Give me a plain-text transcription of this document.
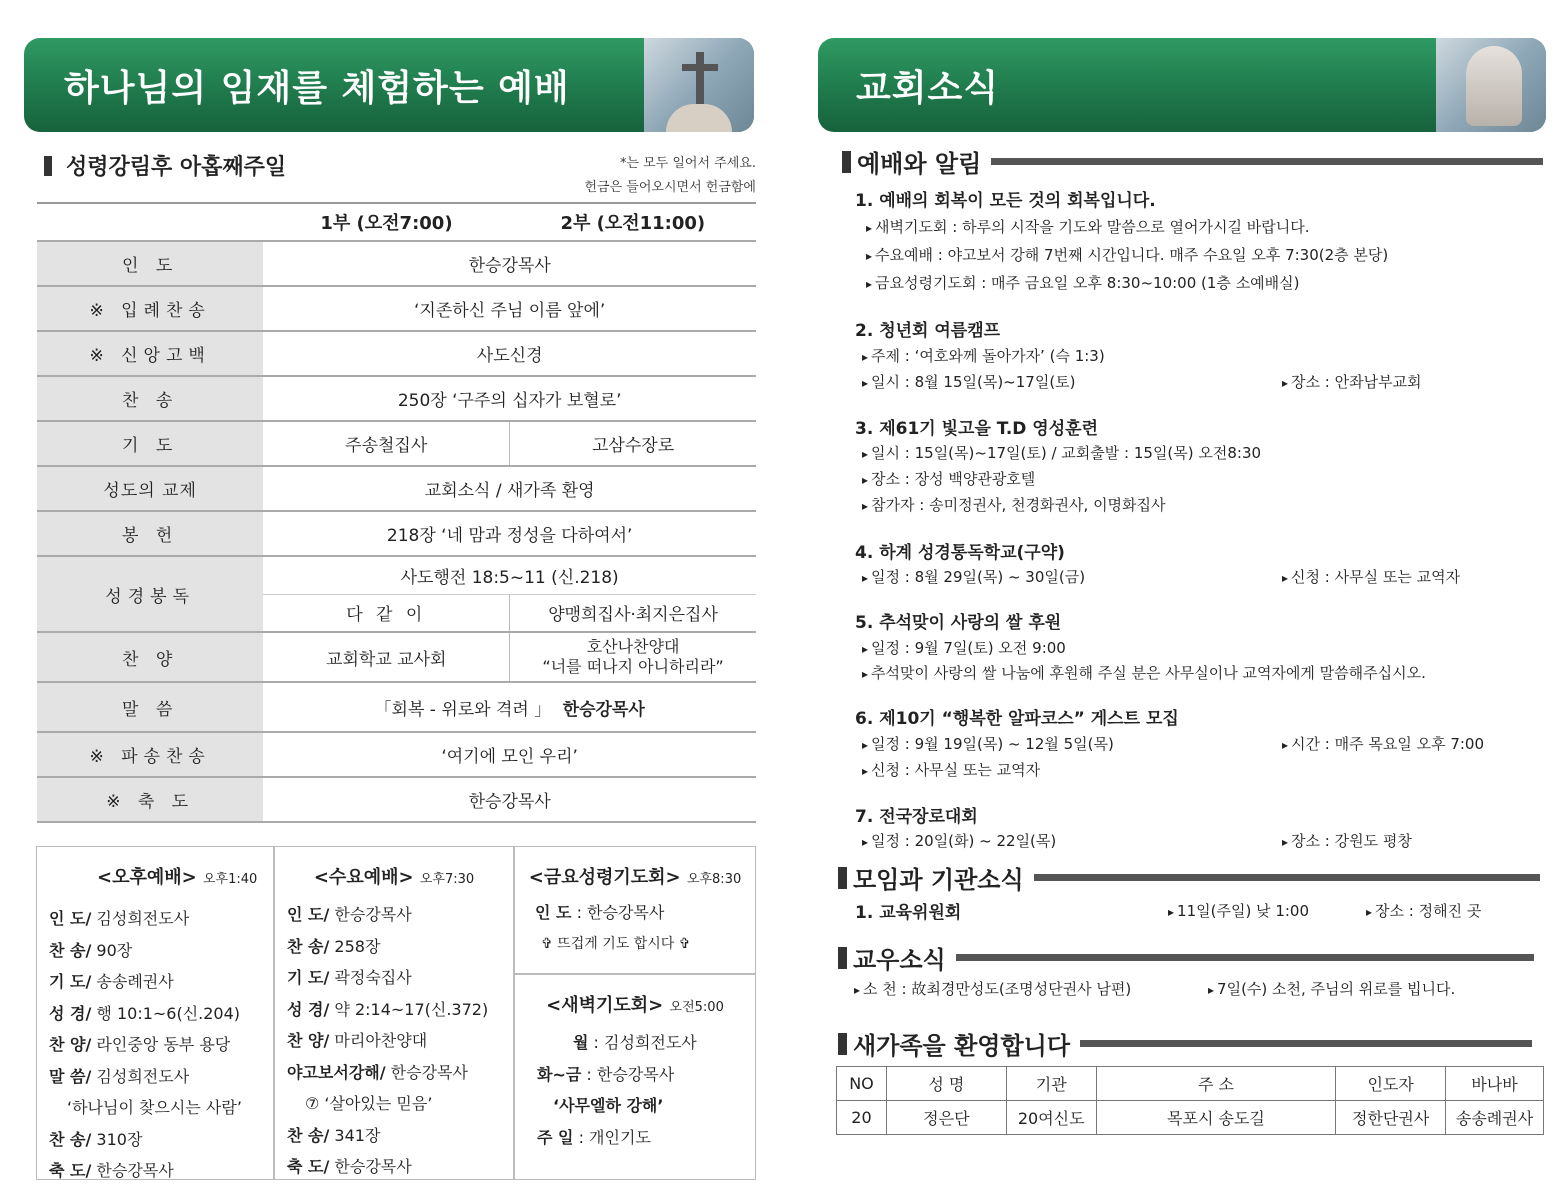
하나님의 임재를 체험하는 예배	교회소식
성령강림후 아홉째주일	*는 모두 일어서 주세요.
헌금은 들어오시면서 헌금함에
	1부 (오전7:00)	2부 (오전11:00)
인 도	한승강목사	
※ 입례찬송	‘지존하신 주님 이름 앞에’	
※ 신앙고백	사도신경	
찬 송	250장 ‘구주의 십자가 보혈로’	
기 도	주송철집사	고삼수장로
성도의 교제	교회소식 / 새가족 환영	
봉 헌	218장 ‘네 맘과 정성을 다하여서’	
성경봉독	사도행전 18:5~11 (신.218)	
	다 같 이	양맹희집사·최지은집사
찬 양	교회학교 교사회	호산나찬양대
“너를 떠나지 아니하리라”

말 씀	「회복 - 위로와 격려 」 한승강목사	
※ 파송찬송	‘여기에 모인 우리’	
※ 축 도	한승강목사	
<오후예배> 오후1:40
인 도/ 김성희전도사
찬 송/ 90장
기 도/ 송송례권사
성 경/ 행 10:1~6(신.204)
찬 양/ 라인중앙 동부 용당
말 씀/ 김성희전도사
‘하나님이 찾으시는 사람’
찬 송/ 310장
축 도/ 한승강목사
<수요예배> 오후7:30
인 도/ 한승강목사
찬 송/ 258장
기 도/ 곽정숙집사
성 경/ 약 2:14~17(신.372)
찬 양/ 마리아찬양대
야고보서강해/ 한승강목사
⑦ ‘살아있는 믿음’
찬 송/ 341장
축 도/ 한승강목사
<금요성령기도회> 오후8:30
인 도 : 한승강목사
✞ 뜨겁게 기도 합시다 ✞
<새벽기도회> 오전5:00
월 : 김성희전도사
화~금 : 한승강목사
‘사무엘하 강해’
주 일 : 개인기도
예배와 알림
1. 예배의 회복이 모든 것의 회복입니다.
▸ 새벽기도회 : 하루의 시작을 기도와 말씀으로 열어가시길 바랍니다.
▸ 수요예배 : 야고보서 강해 7번째 시간입니다. 매주 수요일 오후 7:30(2층 본당)
▸ 금요성령기도회 : 매주 금요일 오후 8:30~10:00 (1층 소예배실)
2. 청년회 여름캠프
▸ 주제 : ‘여호와께 돌아가자’ (슥 1:3)
▸ 일시 : 8월 15일(목)~17일(토)	▸ 장소 : 안좌남부교회
3. 제61기 빛고을 T.D 영성훈련
▸ 일시 : 15일(목)~17일(토) / 교회출발 : 15일(목) 오전8:30
▸ 장소 : 장성 백양관광호텔
▸ 참가자 : 송미정권사, 천경화권사, 이명화집사
4. 하계 성경통독학교(구약)
▸ 일정 : 8월 29일(목) ~ 30일(금)	▸ 신청 : 사무실 또는 교역자
5. 추석맞이 사랑의 쌀 후원
▸ 일정 : 9월 7일(토) 오전 9:00
▸ 추석맞이 사랑의 쌀 나눔에 후원해 주실 분은 사무실이나 교역자에게 말씀해주십시오.
6. 제10기 “행복한 알파코스” 게스트 모집
▸ 일정 : 9월 19일(목) ~ 12월 5일(목)	▸ 시간 : 매주 목요일 오후 7:00
▸ 신청 : 사무실 또는 교역자
7. 전국장로대회
▸ 일정 : 20일(화) ~ 22일(목)	▸ 장소 : 강원도 평창
모임과 기관소식
1. 교육위원회	▸ 11일(주일) 낮 1:00	▸ 장소 : 정해진 곳
교우소식
▸ 소 천 : 故최경만성도(조명성단권사 남편)	▸ 7일(수) 소천, 주님의 위로를 빕니다.
새가족을 환영합니다
NO	성 명	기관	주 소	인도자	바나바
20	정은단	20여신도	목포시 송도길	정한단권사	송송례권사
